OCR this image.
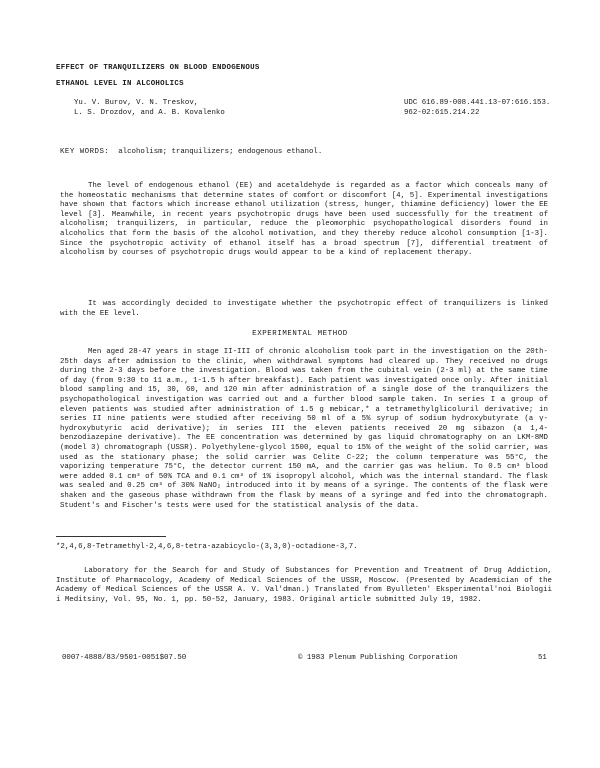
EFFECT OF TRANQUILIZERS ON BLOOD ENDOGENOUS
ETHANOL LEVEL IN ALCOHOLICS
Yu. V. Burov, V. N. Treskov,
L. S. Drozdov, and A. B. Kovalenko
UDC 616.89-008.441.13-07:616.153.
962-02:615.214.22
KEY WORDS: alcoholism; tranquilizers; endogenous ethanol.
The level of endogenous ethanol (EE) and acetaldehyde is regarded as a factor which conceals many of the homeostatic mechanisms that determine states of comfort or discomfort [4, 5]. Experimental investigations have shown that factors which increase ethanol utilization (stress, hunger, thiamine deficiency) lower the EE level [3]. Meanwhile, in recent years psychotropic drugs have been used successfully for the treatment of alcoholism; tranquilizers, in particular, reduce the pleomorphic psychopathological disorders found in alcoholics that form the basis of the alcohol motivation, and they thereby reduce alcohol consumption [1-3]. Since the psychotropic activity of ethanol itself has a broad spectrum [7], differential treatment of alcoholism by courses of psychotropic drugs would appear to be a kind of replacement therapy.
It was accordingly decided to investigate whether the psychotropic effect of tranquilizers is linked with the EE level.
EXPERIMENTAL METHOD
Men aged 28-47 years in stage II-III of chronic alcoholism took part in the investigation on the 20th-25th days after admission to the clinic, when withdrawal symptoms had cleared up. They received no drugs during the 2-3 days before the investigation. Blood was taken from the cubital vein (2-3 ml) at the same time of day (from 9:30 to 11 a.m., 1-1.5 h after breakfast). Each patient was investigated once only. After initial blood sampling and 15, 30, 60, and 120 min after administration of a single dose of the tranquilizers the psychopathological investigation was carried out and a further blood sample taken. In series I a group of eleven patients was studied after administration of 1.5 g mebicar,* a tetramethylglicoluril derivative; in series II nine patients were studied after receiving 50 ml of a 5% syrup of sodium hydroxybutyrate (a γ-hydroxybutyric acid derivative); in series III the eleven patients received 20 mg sibazon (a 1,4-benzodiazepine derivative). The EE concentration was determined by gas liquid chromatography on an LKM-8MD (model 3) chromatograph (USSR). Polyethylene-glycol 1500, equal to 15% of the weight of the solid carrier, was used as the stationary phase; the solid carrier was Celite C-22; the column temperature was 55°C, the vaporizing temperature 75°C, the detector current 150 mA, and the carrier gas was helium. To 0.5 cm³ blood were added 0.1 cm³ of 50% TCA and 0.1 cm³ of 1% isopropyl alcohol, which was the internal standard. The flask was sealed and 0.25 cm³ of 30% NaNO₂ introduced into it by means of a syringe. The contents of the flask were shaken and the gaseous phase withdrawn from the flask by means of a syringe and fed into the chromatograph. Student's and Fischer's tests were used for the statistical analysis of the data.
*2,4,6,8-Tetramethyl-2,4,6,8-tetra-azabicyclo-(3,3,0)-octadione-3,7.
Laboratory for the Search for and Study of Substances for Prevention and Treatment of Drug Addiction, Institute of Pharmacology, Academy of Medical Sciences of the USSR, Moscow. (Presented by Academician of the Academy of Medical Sciences of the USSR A. V. Val'dman.) Translated from Byulleten' Eksperimental'noi Biologii i Meditsiny, Vol. 95, No. 1, pp. 50-52, January, 1983. Original article submitted July 19, 1982.
0007-4888/83/9501-0051$07.50	© 1983 Plenum Publishing Corporation	51
